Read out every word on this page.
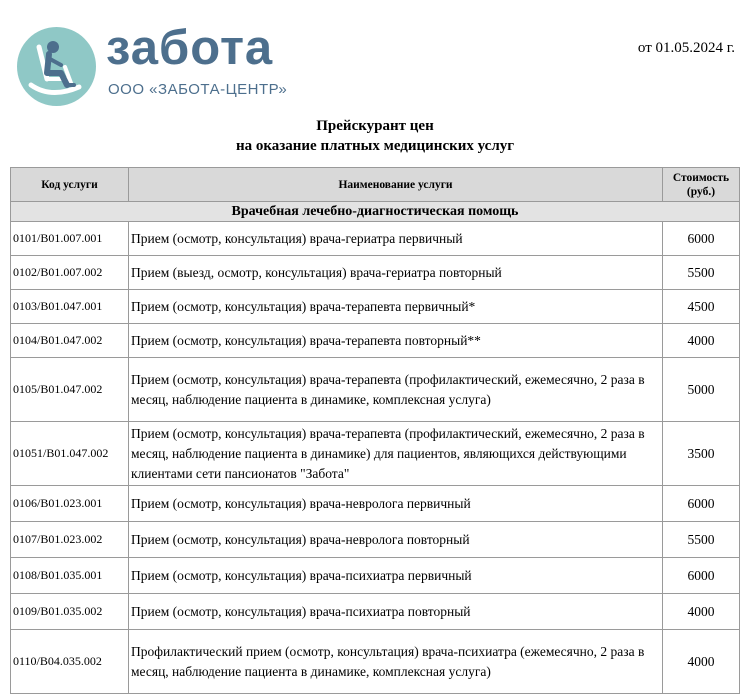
забота
ООО «ЗАБОТА-ЦЕНТР»
от 01.05.2024 г.
Прейскурант цен
на оказание платных медицинских услуг
Код услуги	Наименование услуги	Стоимость (руб.)
Врачебная лечебно-диагностическая помощь		
0101/B01.007.001	Прием (осмотр, консультация) врача-гериатра первичный	6000
0102/B01.007.002	Прием (выезд, осмотр, консультация) врача-гериатра повторный	5500
0103/B01.047.001	Прием (осмотр, консультация) врача-терапевта первичный*	4500
0104/B01.047.002	Прием (осмотр, консультация) врача-терапевта повторный**	4000
0105/B01.047.002	Прием (осмотр, консультация) врача-терапевта (профилактический, ежемесячно, 2 раза в месяц, наблюдение пациента в динамике, комплексная услуга)	5000
01051/B01.047.002	Прием (осмотр, консультация) врача-терапевта (профилактический, ежемесячно, 2 раза в месяц, наблюдение пациента в динамике) для пациентов, являющихся действующими клиентами сети пансионатов "Забота"	3500
0106/B01.023.001	Прием (осмотр, консультация) врача-невролога первичный	6000
0107/B01.023.002	Прием (осмотр, консультация) врача-невролога повторный	5500
0108/B01.035.001	Прием (осмотр, консультация) врача-психиатра первичный	6000
0109/B01.035.002	Прием (осмотр, консультация) врача-психиатра повторный	4000
0110/B04.035.002	Профилактический прием (осмотр, консультация) врача-психиатра (ежемесячно, 2 раза в месяц, наблюдение пациента в динамике, комплексная услуга)	4000
